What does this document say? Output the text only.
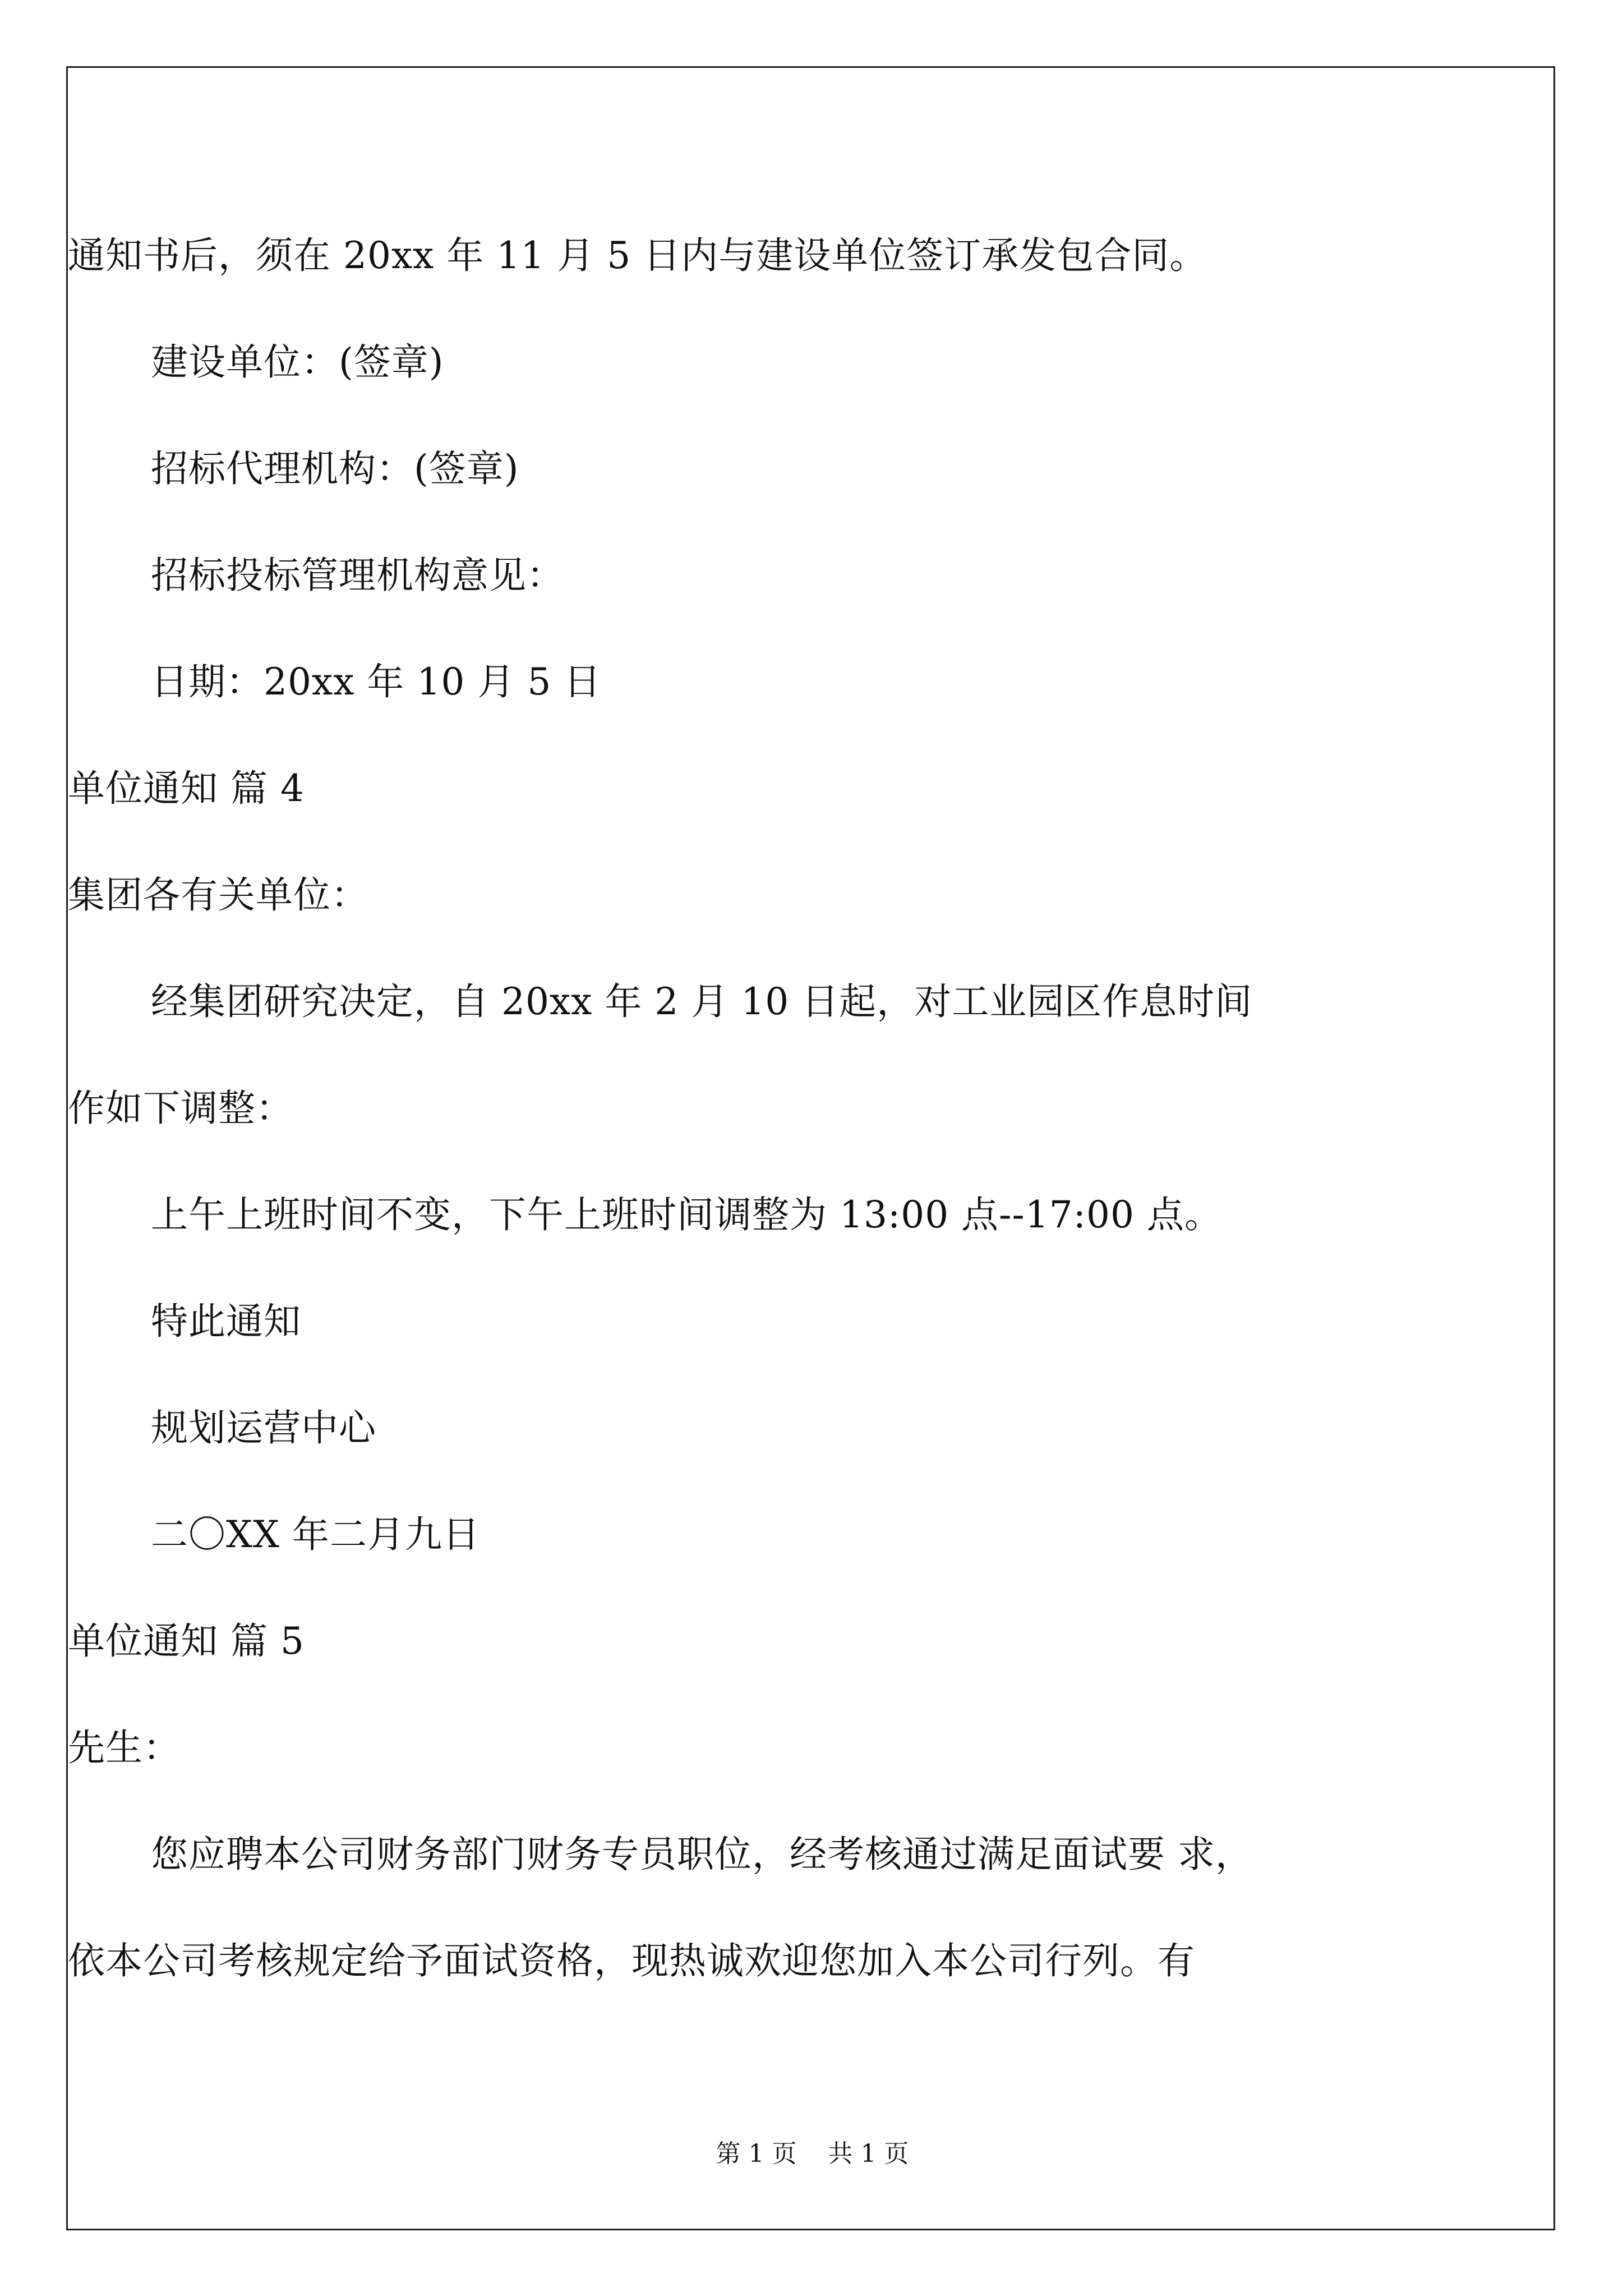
通知书后，须在 20xx 年 11 月 5 日内与建设单位签订承发包合同。
建设单位：(签章)
招标代理机构：(签章)
招标投标管理机构意见：
日期：20xx 年 10 月 5 日
单位通知 篇 4
集团各有关单位：
经集团研究决定，自 20xx 年 2 月 10 日起，对工业园区作息时间
作如下调整：
上午上班时间不变，下午上班时间调整为 13:00 点--17:00 点。
特此通知
规划运营中心
二〇XX 年二月九日
单位通知 篇 5
先生：
您应聘本公司财务部门财务专员职位，经考核通过满足面试要 求，
依本公司考核规定给予面试资格，现热诚欢迎您加入本公司行列。有
第 1 页    共 1 页
